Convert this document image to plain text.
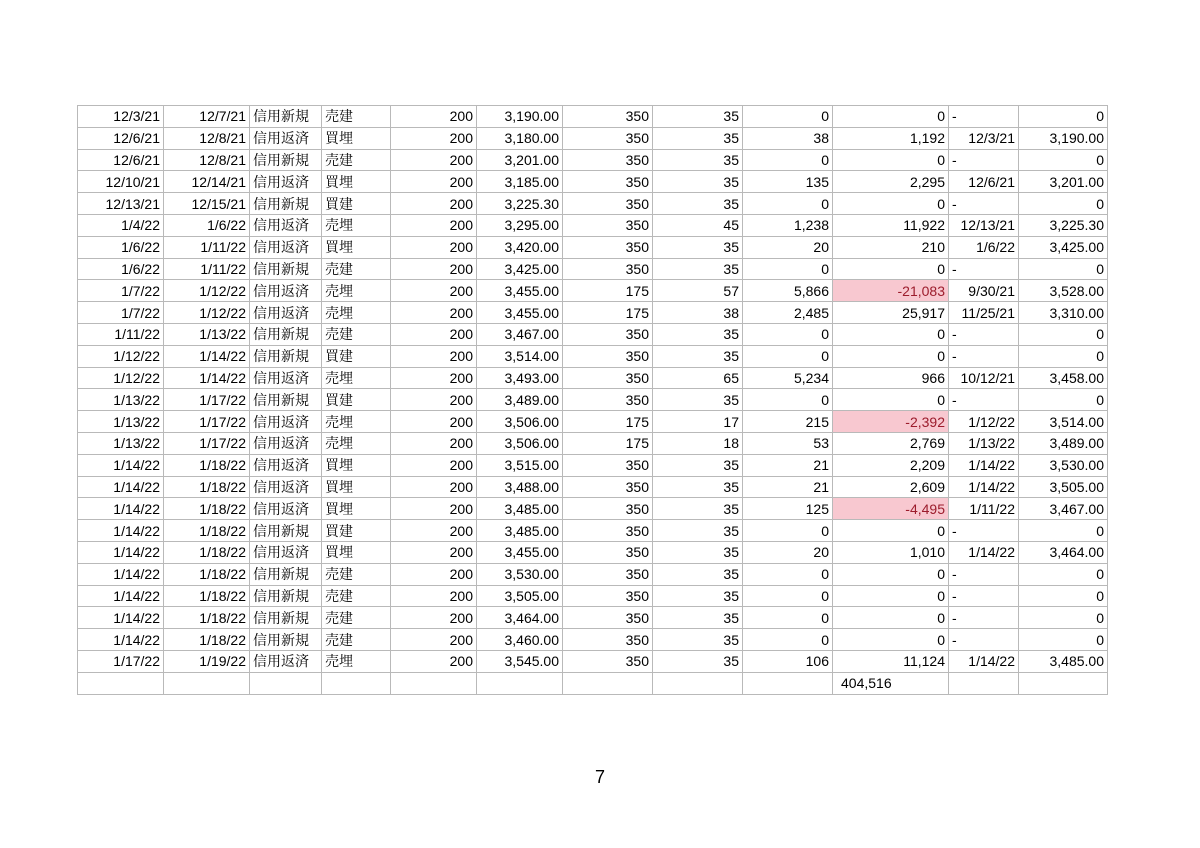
12/3/21	12/7/21	信用新規	売建	200	3,190.00	350	35	0	0	-	0
12/6/21	12/8/21	信用返済	買埋	200	3,180.00	350	35	38	1,192	12/3/21	3,190.00
12/6/21	12/8/21	信用新規	売建	200	3,201.00	350	35	0	0	-	0
12/10/21	12/14/21	信用返済	買埋	200	3,185.00	350	35	135	2,295	12/6/21	3,201.00
12/13/21	12/15/21	信用新規	買建	200	3,225.30	350	35	0	0	-	0
1/4/22	1/6/22	信用返済	売埋	200	3,295.00	350	45	1,238	11,922	12/13/21	3,225.30
1/6/22	1/11/22	信用返済	買埋	200	3,420.00	350	35	20	210	1/6/22	3,425.00
1/6/22	1/11/22	信用新規	売建	200	3,425.00	350	35	0	0	-	0
1/7/22	1/12/22	信用返済	売埋	200	3,455.00	175	57	5,866	-21,083	9/30/21	3,528.00
1/7/22	1/12/22	信用返済	売埋	200	3,455.00	175	38	2,485	25,917	11/25/21	3,310.00
1/11/22	1/13/22	信用新規	売建	200	3,467.00	350	35	0	0	-	0
1/12/22	1/14/22	信用新規	買建	200	3,514.00	350	35	0	0	-	0
1/12/22	1/14/22	信用返済	売埋	200	3,493.00	350	65	5,234	966	10/12/21	3,458.00
1/13/22	1/17/22	信用新規	買建	200	3,489.00	350	35	0	0	-	0
1/13/22	1/17/22	信用返済	売埋	200	3,506.00	175	17	215	-2,392	1/12/22	3,514.00
1/13/22	1/17/22	信用返済	売埋	200	3,506.00	175	18	53	2,769	1/13/22	3,489.00
1/14/22	1/18/22	信用返済	買埋	200	3,515.00	350	35	21	2,209	1/14/22	3,530.00
1/14/22	1/18/22	信用返済	買埋	200	3,488.00	350	35	21	2,609	1/14/22	3,505.00
1/14/22	1/18/22	信用返済	買埋	200	3,485.00	350	35	125	-4,495	1/11/22	3,467.00
1/14/22	1/18/22	信用新規	買建	200	3,485.00	350	35	0	0	-	0
1/14/22	1/18/22	信用返済	買埋	200	3,455.00	350	35	20	1,010	1/14/22	3,464.00
1/14/22	1/18/22	信用新規	売建	200	3,530.00	350	35	0	0	-	0
1/14/22	1/18/22	信用新規	売建	200	3,505.00	350	35	0	0	-	0
1/14/22	1/18/22	信用新規	売建	200	3,464.00	350	35	0	0	-	0
1/14/22	1/18/22	信用新規	売建	200	3,460.00	350	35	0	0	-	0
1/17/22	1/19/22	信用返済	売埋	200	3,545.00	350	35	106	11,124	1/14/22	3,485.00
									404,516		
7
